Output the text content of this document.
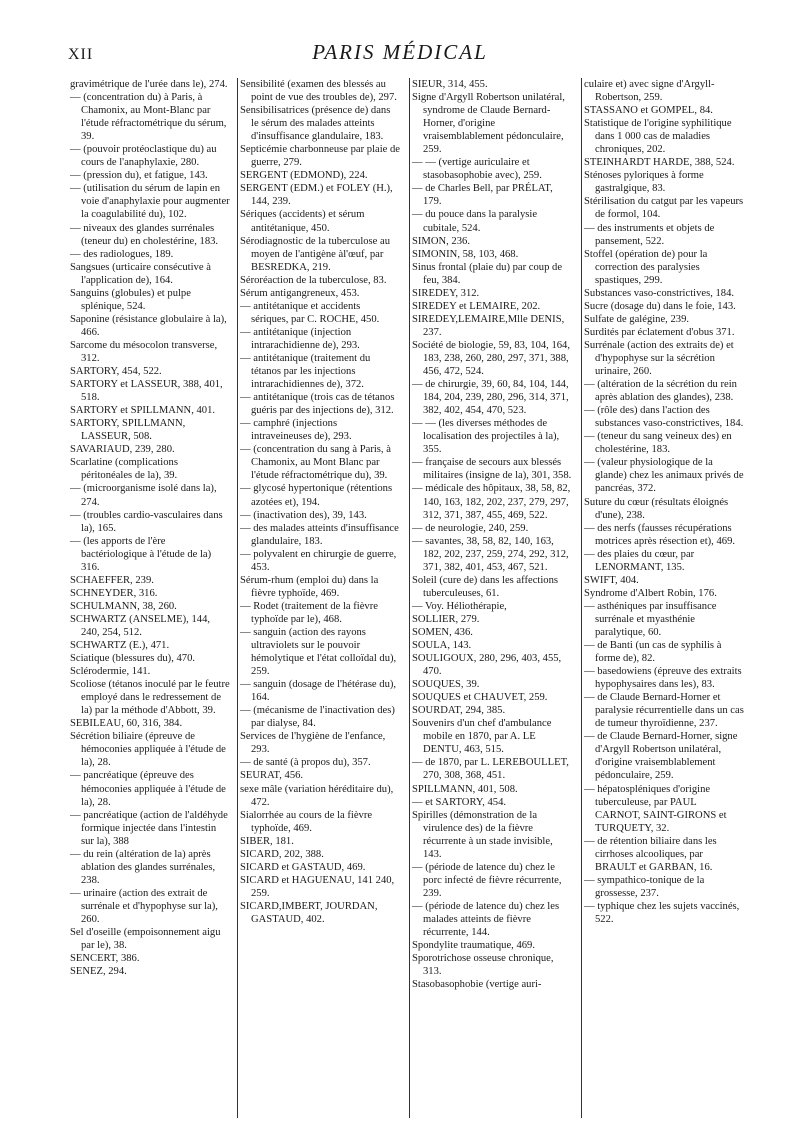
XII	PARIS MÉDICAL

gravimétrique de l'urée dans le), 274.

— (concentration du) à Paris, à Chamonix, au Mont-Blanc par l'étude réfractométrique du sérum, 39.

— (pouvoir protéoclastique du) au cours de l'anaphylaxie, 280.

— (pression du), et fatigue, 143.

— (utilisation du sérum de lapin en voie d'anaphylaxie pour augmenter la coagulabilité du), 102.

— niveaux des glandes surrénales (teneur du) en cholestérine, 183.

— des radiologues, 189.

Sangsues (urticaire consécutive à l'application de), 164.

Sanguins (globules) et pulpe splénique, 524.

Saponine (résistance globulaire à la), 466.

Sarcome du mésocolon transverse, 312.

SARTORY, 454, 522.

SARTORY et LASSEUR, 388, 401, 518.

SARTORY et SPILLMANN, 401.

SARTORY, SPILLMANN, LASSEUR, 508.

SAVARIAUD, 239, 280.

Scarlatine (complications péritonéales de la), 39.

— (microorganisme isolé dans la), 274.

— (troubles cardio-vasculaires dans la), 165.

— (les apports de l'ère bactériologique à l'étude de la) 316.

SCHAEFFER, 239.

SCHNEYDER, 316.

SCHULMANN, 38, 260.

SCHWARTZ (ANSELME), 144, 240, 254, 512.

SCHWARTZ (E.), 471.

Sciatique (blessures du), 470.

Sclérodermie, 141.

Scoliose (tétanos inoculé par le feutre employé dans le redressement de la) par la méthode d'Abbott, 39.

SEBILEAU, 60, 316, 384.

Sécrétion biliaire (épreuve de hémoconies appliquée à l'étude de la), 28.

— pancréatique (épreuve des hémoconies appliquée à l'étude de la), 28.

— pancréatique (action de l'aldéhyde formique injectée dans l'intestin sur la), 388

— du rein (altération de la) après ablation des glandes surrénales, 238.

— urinaire (action des extrait de surrénale et d'hypophyse sur la), 260.

Sel d'oseille (empoisonnement aigu par le), 38.

SENCERT, 386.

SENEZ, 294.

Sensibilité (examen des blessés au point de vue des troubles de), 297.

Sensibilisatrices (présence de) dans le sérum des malades atteints d'insuffisance glandulaire, 183.

Septicémie charbonneuse par plaie de guerre, 279.

SERGENT (EDMOND), 224.

SERGENT (EDM.) et FOLEY (H.), 144, 239.

Sériques (accidents) et sérum antitétanique, 450.

Sérodiagnostic de la tuberculose au moyen de l'antigène àl'œuf, par BESREDKA, 219.

Séroréaction de la tuberculose, 83.

Sérum antigangreneux, 453.

— antitétanique et accidents sériques, par C. ROCHE, 450.

— antitétanique (injection intrarachidienne de), 293.

— antitétanique (traitement du tétanos par les injections intrarachidiennes de), 372.

— antitétanique (trois cas de tétanos guéris par des injections de), 312.

— camphré (injections intraveineuses de), 293.

— (concentration du sang à Paris, à Chamonix, au Mont Blanc par l'étude réfractométrique du), 39.

— glycosé hypertonique (rétentions azotées et), 194.

— (inactivation des), 39, 143.

— des malades atteints d'insuffisance glandulaire, 183.

— polyvalent en chirurgie de guerre, 453.

Sérum-rhum (emploi du) dans la fièvre typhoïde, 469.

— Rodet (traitement de la fièvre typhoïde par le), 468.

— sanguin (action des rayons ultraviolets sur le pouvoir hémolytique et l'état colloïdal du), 259.

— sanguin (dosage de l'hétérase du), 164.

— (mécanisme de l'inactivation des) par dialyse, 84.

Services de l'hygiène de l'enfance, 293.

— de santé (à propos du), 357.

SEURAT, 456.

sexe mâle (variation héréditaire du), 472.

Sialorrhée au cours de la fièvre typhoïde, 469.

SIBER, 181.

SICARD, 202, 388.

SICARD et GASTAUD, 469.

SICARD et HAGUENAU, 141 240, 259.

SICARD,IMBERT, JOURDAN, GASTAUD, 402.

SIEUR, 314, 455.

Signe d'Argyll Robertson unilatéral, syndrome de Claude Bernard-Horner, d'origine vraisemblablement pédonculaire, 259.

— — (vertige auriculaire et stasobasophobie avec), 259.

— de Charles Bell, par PRÉLAT, 179.

— du pouce dans la paralysie cubitale, 524.

SIMON, 236.

SIMONIN, 58, 103, 468.

Sinus frontal (plaie du) par coup de feu, 384.

SIREDEY, 312.

SIREDEY et LEMAIRE, 202.

SIREDEY,LEMAIRE,Mlle DENIS, 237.

Société de biologie, 59, 83, 104, 164, 183, 238, 260, 280, 297, 371, 388, 456, 472, 524.

— de chirurgie, 39, 60, 84, 104, 144, 184, 204, 239, 280, 296, 314, 371, 382, 402, 454, 470, 523.

— — (les diverses méthodes de localisation des projectiles à la), 355.

— française de secours aux blessés militaires (insigne de la), 301, 358.

— médicale des hôpitaux, 38, 58, 82, 140, 163, 182, 202, 237, 279, 297, 312, 371, 387, 455, 469, 522.

— de neurologie, 240, 259.

— savantes, 38, 58, 82, 140, 163, 182, 202, 237, 259, 274, 292, 312, 371, 382, 401, 453, 467, 521.

Soleil (cure de) dans les affections tuberculeuses, 61.

— Voy. Héliothérapie,

SOLLIER, 279.

SOMEN, 436.

SOULA, 143.

SOULIGOUX, 280, 296, 403, 455, 470.

SOUQUES, 39.

SOUQUES et CHAUVET, 259.

SOURDAT, 294, 385.

Souvenirs d'un chef d'ambulance mobile en 1870, par A. LE DENTU, 463, 515.

— de 1870, par L. LEREBOULLET, 270, 308, 368, 451.

SPILLMANN, 401, 508.

— et SARTORY, 454.

Spirilles (démonstration de la virulence des) de la fièvre récurrente à un stade invisible, 143.

— (période de latence du) chez le porc infecté de fièvre récurrente, 239.

— (période de latence du) chez les malades atteints de fièvre récurrente, 144.

Spondylite traumatique, 469.

Sporotrichose osseuse chronique, 313.

Stasobasophobie (vertige auri-

culaire et) avec signe d'Argyll-Robertson, 259.

STASSANO et GOMPEL, 84.

Statistique de l'origine syphilitique dans 1 000 cas de maladies chroniques, 202.

STEINHARDT HARDE, 388, 524.

Sténoses pyloriques à forme gastralgique, 83.

Stérilisation du catgut par les vapeurs de formol, 104.

— des instruments et objets de pansement, 522.

Stoffel (opération de) pour la correction des paralysies spastiques, 299.

Substances vaso-constrictives, 184.

Sucre (dosage du) dans le foie, 143.

Sulfate de galégine, 239.

Surdités par éclatement d'obus 371.

Surrénale (action des extraits de) et d'hypophyse sur la sécrétion urinaire, 260.

— (altération de la sécrétion du rein après ablation des glandes), 238.

— (rôle des) dans l'action des substances vaso-constrictives, 184.

— (teneur du sang veineux des) en cholestérine, 183.

— (valeur physiologique de la glande) chez les animaux privés de pancréas, 372.

Suture du cœur (résultats éloignés d'une), 238.

— des nerfs (fausses récupérations motrices après résection et), 469.

— des plaies du cœur, par LENORMANT, 135.

SWIFT, 404.

Syndrome d'Albert Robin, 176.

— asthéniques par insuffisance surrénale et myasthénie paralytique, 60.

— de Banti (un cas de syphilis à forme de), 82.

— basedowiens (épreuve des extraits hypophysaires dans les), 83.

— de Claude Bernard-Horner et paralysie récurrentielle dans un cas de tumeur thyroïdienne, 237.

— de Claude Bernard-Horner, signe d'Argyll Robertson unilatéral, d'origine vraisemblablement pédonculaire, 259.

— hépatospléniques d'origine tuberculeuse, par PAUL CARNOT, SAINT-GIRONS et TURQUETY, 32.

— de rétention biliaire dans les cirrhoses alcooliques, par BRAULT et GARBAN, 16.

— sympathico-tonique de la grossesse, 237.

— typhique chez les sujets vaccinés, 522.
